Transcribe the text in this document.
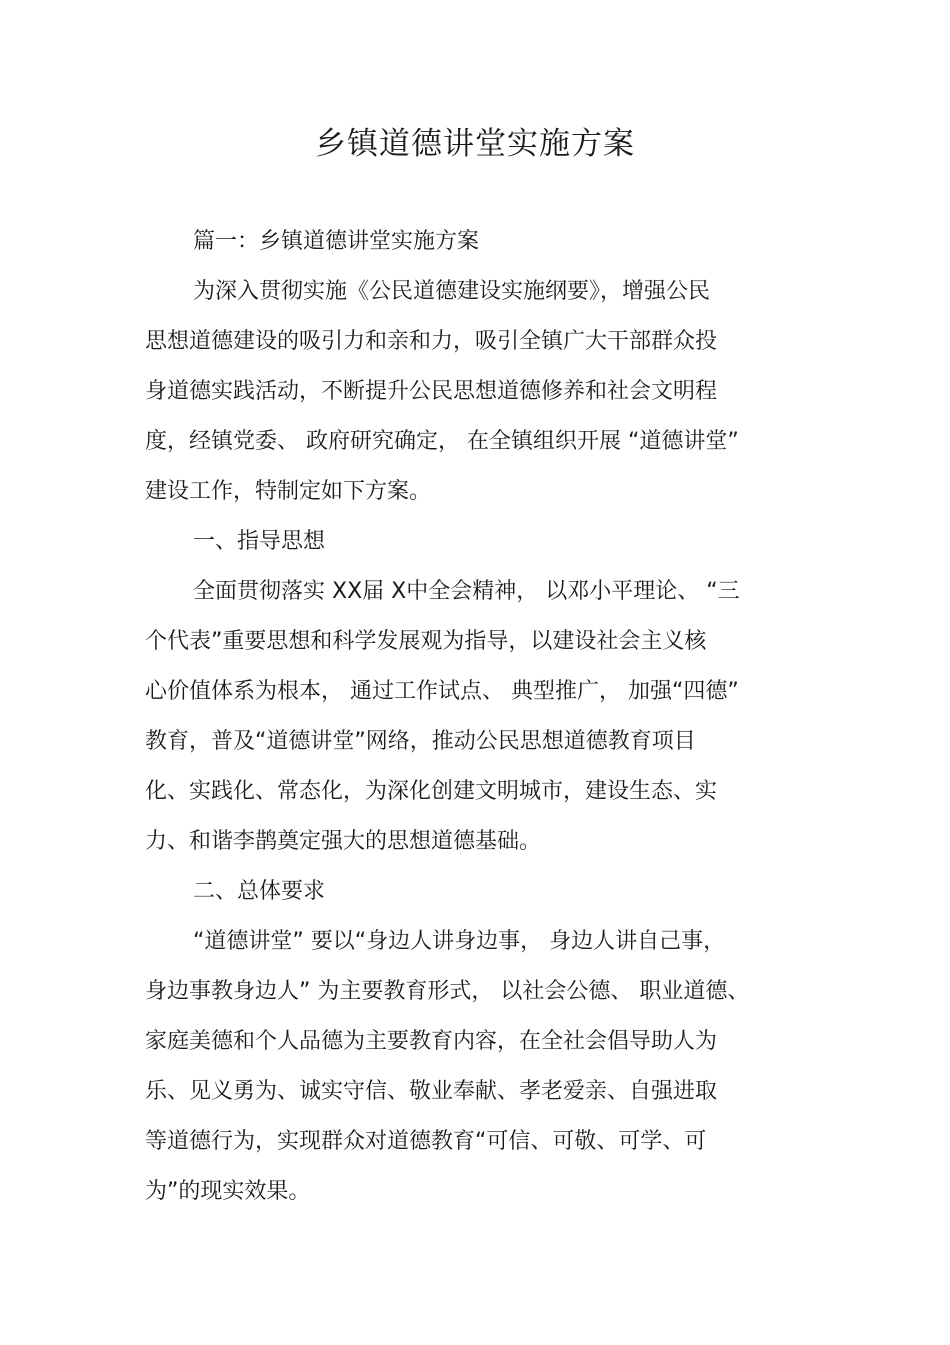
乡镇道德讲堂实施方案
篇一：乡镇道德讲堂实施方案
为深入贯彻实施《公民道德建设实施纲要》，增强公民
思想道德建设的吸引力和亲和力，吸引全镇广大干部群众投
身道德实践活动，不断提升公民思想道德修养和社会文明程
度，经镇党委、 政府研究确定， 在全镇组织开展 “道德讲堂”
建设工作，特制定如下方案。
一、指导思想
全面贯彻落实 XX届 X中全会精神， 以邓小平理论、 “三
个代表”重要思想和科学发展观为指导，以建设社会主义核
心价值体系为根本， 通过工作试点、 典型推广， 加强“四德”
教育，普及“道德讲堂”网络，推动公民思想道德教育项目
化、实践化、常态化，为深化创建文明城市，建设生态、实
力、和谐李鹊奠定强大的思想道德基础。
二、总体要求
“道德讲堂” 要以“身边人讲身边事， 身边人讲自己事，
身边事教身边人” 为主要教育形式， 以社会公德、 职业道德、
家庭美德和个人品德为主要教育内容，在全社会倡导助人为
乐、见义勇为、诚实守信、敬业奉献、孝老爱亲、自强进取
等道德行为，实现群众对道德教育“可信、可敬、可学、可
为”的现实效果。
